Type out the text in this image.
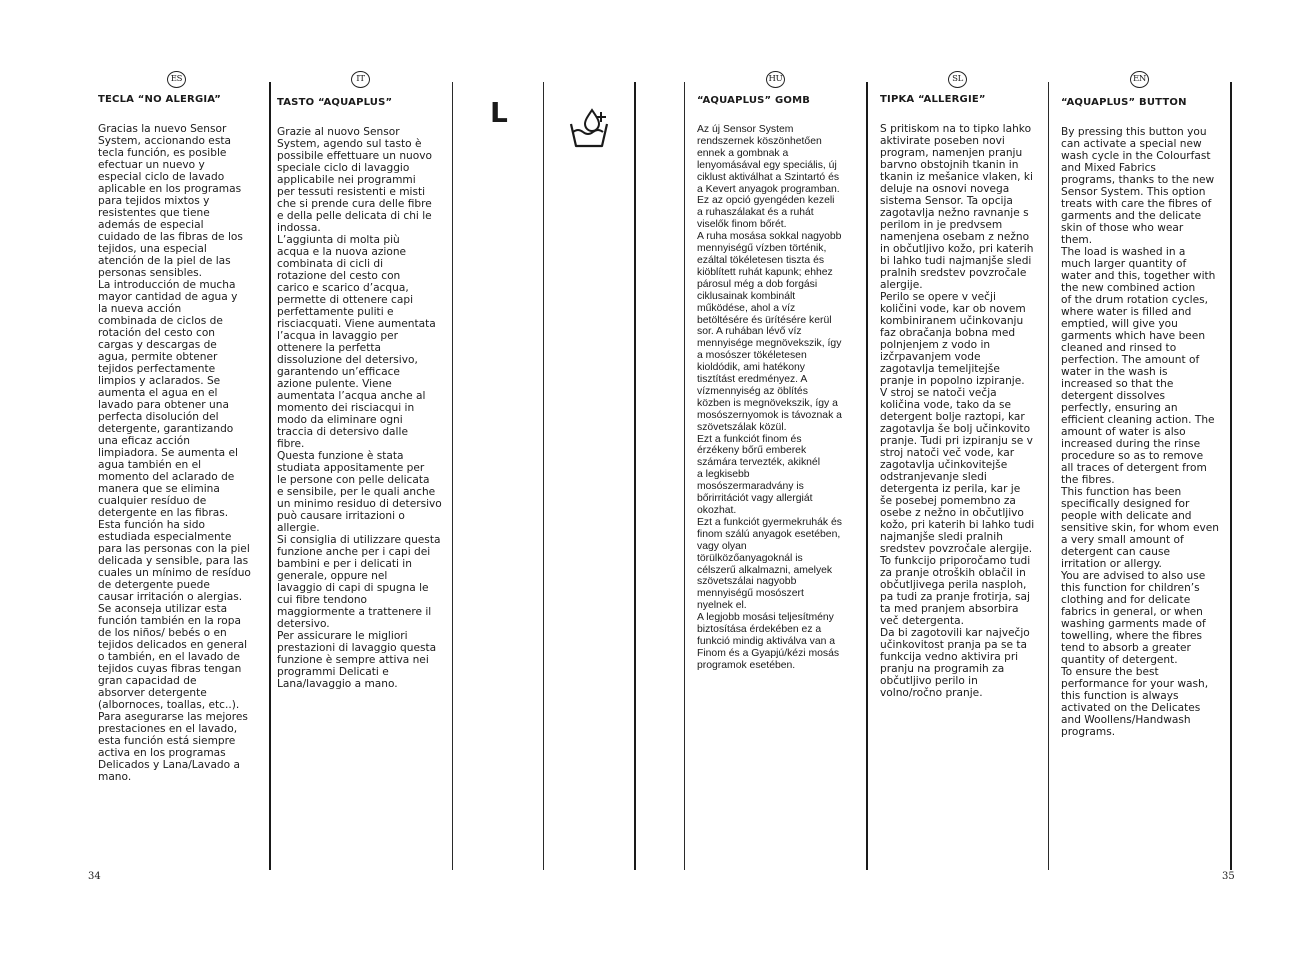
ES	IT	HU	SL	EN
TECLA “NO ALERGIA”
Gracias la nuevo Sensor
System, accionando esta
tecla función, es posible
efectuar un nuevo y
especial ciclo de lavado
aplicable en los programas
para tejidos mixtos y
resistentes que tiene
además de especial
cuidado de las fibras de los
tejidos, una especial
atención de la piel de las
personas sensibles.
La introducción de mucha
mayor cantidad de agua y
la nueva acción
combinada de ciclos de
rotación del cesto con
cargas y descargas de
agua, permite obtener
tejidos perfectamente
limpios y aclarados. Se
aumenta el agua en el
lavado para obtener una
perfecta disolución del
detergente, garantizando
una eficaz acción
limpiadora. Se aumenta el
agua también en el
momento del aclarado de
manera que se elimina
cualquier resíduo de
detergente en las fibras.
Esta función ha sido
estudiada especialmente
para las personas con la piel
delicada y sensible, para las
cuales un mínimo de resíduo
de detergente puede
causar irritación o alergias.
Se aconseja utilizar esta
función también en la ropa
de los niños/ bebés o en
tejidos delicados en general
o también, en el lavado de
tejidos cuyas fibras tengan
gran capacidad de
absorver detergente
(albornoces, toallas, etc..).
Para asegurarse las mejores
prestaciones en el lavado,
esta función está siempre
activa en los programas
Delicados y Lana/Lavado a
mano.
TASTO “AQUAPLUS”
Grazie al nuovo Sensor
System, agendo sul tasto è
possibile effettuare un nuovo
speciale ciclo di lavaggio
applicabile nei programmi
per tessuti resistenti e misti
che si prende cura delle fibre
e della pelle delicata di chi le
indossa.
L’aggiunta di molta più
acqua e la nuova azione
combinata di cicli di
rotazione del cesto con
carico e scarico d’acqua,
permette di ottenere capi
perfettamente puliti e
risciacquati. Viene aumentata
l’acqua in lavaggio per
ottenere la perfetta
dissoluzione del detersivo,
garantendo un’efficace
azione pulente. Viene
aumentata l’acqua anche al
momento dei risciacqui in
modo da eliminare ogni
traccia di detersivo dalle
fibre.
Questa funzione è stata
studiata appositamente per
le persone con pelle delicata
e sensibile, per le quali anche
un minimo residuo di detersivo
può causare irritazioni o
allergie.
Si consiglia di utilizzare questa
funzione anche per i capi dei
bambini e per i delicati in
generale, oppure nel
lavaggio di capi di spugna le
cui fibre tendono
maggiormente a trattenere il
detersivo.
Per assicurare le migliori
prestazioni di lavaggio questa
funzione è sempre attiva nei
programmi Delicati e
Lana/lavaggio a mano.
L	“AQUAPLUS” GOMB
Az új Sensor System
rendszernek köszönhetően
ennek a gombnak a
lenyomásával egy speciális, új
ciklust aktiválhat a Szintartó és
a Kevert anyagok programban.
Ez az opció gyengéden kezeli
a ruhaszálakat és a ruhát
viselők finom bőrét.
A ruha mosása sokkal nagyobb
mennyiségű vízben történik,
ezáltal tökéletesen tiszta és
kiöblített ruhát kapunk; ehhez
párosul még a dob forgási
ciklusainak kombinált
működése, ahol a víz
betöltésére és ürítésére kerül
sor. A ruhában lévő víz
mennyisége megnövekszik, így
a mosószer tökéletesen
kioldódik, ami hatékony
tisztítást eredményez. A
vízmennyiség az öblítés
közben is megnövekszik, így a
mosószernyomok is távoznak a
szövetszálak közül.
Ezt a funkciót finom és
érzékeny bőrű emberek
számára tervezték, akiknél
a legkisebb
mosószermaradvány is
bőrirritációt vagy allergiát
okozhat.
Ezt a funkciót gyermekruhák és
finom szálú anyagok esetében,
vagy olyan
törülközőanyagoknál is
célszerű alkalmazni, amelyek
szövetszálai nagyobb
mennyiségű mosószert
nyelnek el.
A legjobb mosási teljesítmény
biztosítása érdekében ez a
funkció mindig aktiválva van a
Finom és a Gyapjú/kézi mosás
programok esetében.
TIPKA “ALLERGIE”
S pritiskom na to tipko lahko
aktivirate poseben novi
program, namenjen pranju
barvno obstojnih tkanin in
tkanin iz mešanice vlaken, ki
deluje na osnovi novega
sistema Sensor. Ta opcija
zagotavlja nežno ravnanje s
perilom in je predvsem
namenjena osebam z nežno
in občutljivo kožo, pri katerih
bi lahko tudi najmanjše sledi
pralnih sredstev povzročale
alergije.
Perilo se opere v večji
količini vode, kar ob novem
kombiniranem učinkovanju
faz obračanja bobna med
polnjenjem z vodo in
izčrpavanjem vode
zagotavlja temeljitejše
pranje in popolno izpiranje.
V stroj se natoči večja
količina vode, tako da se
detergent bolje raztopi, kar
zagotavlja še bolj učinkovito
pranje. Tudi pri izpiranju se v
stroj natoči več vode, kar
zagotavlja učinkovitejše
odstranjevanje sledi
detergenta iz perila, kar je
še posebej pomembno za
osebe z nežno in občutljivo
kožo, pri katerih bi lahko tudi
najmanjše sledi pralnih
sredstev povzročale alergije.
To funkcijo priporočamo tudi
za pranje otroških oblačil in
občutljivega perila nasploh,
pa tudi za pranje frotirja, saj
ta med pranjem absorbira
več detergenta.
Da bi zagotovili kar največjo
učinkovitost pranja pa se ta
funkcija vedno aktivira pri
pranju na programih za
občutljivo perilo in
volno/ročno pranje.
“AQUAPLUS” BUTTON
By pressing this button you
can activate a special new
wash cycle in the Colourfast
and Mixed Fabrics
programs, thanks to the new
Sensor System. This option
treats with care the fibres of
garments and the delicate
skin of those who wear
them.
The load is washed in a
much larger quantity of
water and this, together with
the new combined action
of the drum rotation cycles,
where water is filled and
emptied, will give you
garments which have been
cleaned and rinsed to
perfection. The amount of
water in the wash is
increased so that the
detergent dissolves
perfectly, ensuring an
efficient cleaning action. The
amount of water is also
increased during the rinse
procedure so as to remove
all traces of detergent from
the fibres.
This function has been
specifically designed for
people with delicate and
sensitive skin, for whom even
a very small amount of
detergent can cause
irritation or allergy.
You are advised to also use
this function for children’s
clothing and for delicate
fabrics in general, or when
washing garments made of
towelling, where the fibres
tend to absorb a greater
quantity of detergent.
To ensure the best
performance for your wash,
this function is always
activated on the Delicates
and Woollens/Handwash
programs.
34	35
